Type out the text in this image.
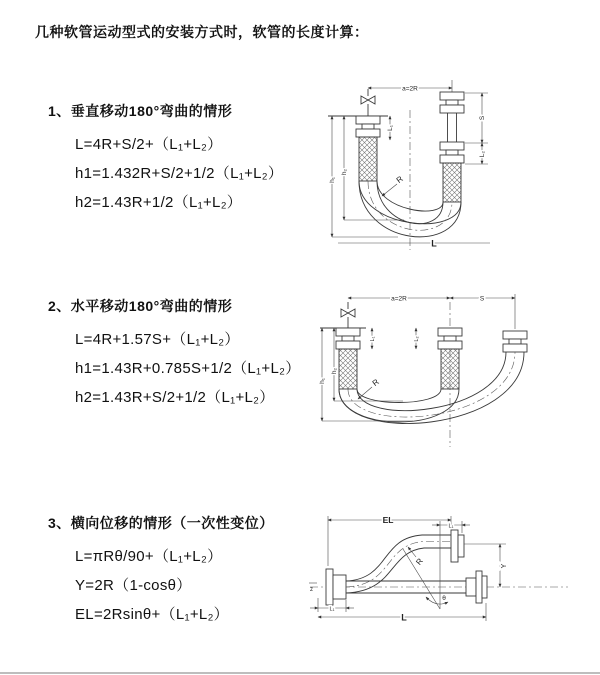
几种软管运动型式的安装方式时，软管的长度计算：
1、垂直移动180°弯曲的情形
L=4R+S/2+（L₁+L₂）
h1=1.432R+S/2+1/2（L₁+L₂）
h2=1.43R+1/2（L₁+L₂）
2、水平移动180°弯曲的情形
L=4R+1.57S+（L₁+L₂）
h1=1.43R+0.785S+1/2（L₁+L₂）
h2=1.43R+S/2+1/2（L₁+L₂）
3、横向位移的情形（一次性变位）
L=πRθ/90+（L₁+L₂）
Y=2R（1-cosθ）
EL=2Rsinθ+（L₁+L₂）
a=2R
L₁
S
L₂
h₁
h₂
R
L
a=2R	S
L₁	L₂
h₁
h₂
R
z
EL
L₁
Y
θ
R
L₁
L
